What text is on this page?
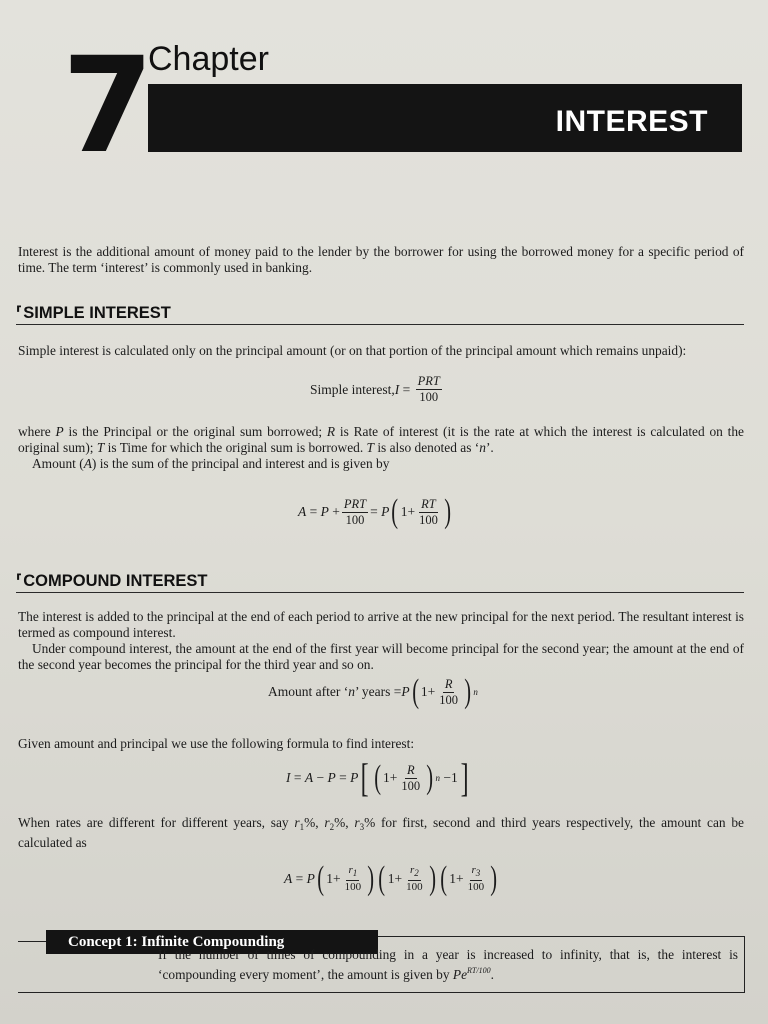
7 Chapter
INTEREST
Interest is the additional amount of money paid to the lender by the borrower for using the borrowed money for a specific period of time. The term ‘interest’ is commonly used in banking.
⸢SIMPLE INTEREST
Simple interest is calculated only on the principal amount (or on that portion of the principal amount which remains unpaid):
Simple interest, $I = \frac{\text{PRT}}{100}$
where P is the Principal or the original sum borrowed; R is Rate of interest (it is the rate at which the interest is calculated on the original sum); T is Time for which the original sum is borrowed. T is also denoted as ‘n’.
Amount (A) is the sum of the principal and interest and is given by
$A = P + \frac{\text{PRT}}{100} = P$ ( $1+ \frac{RT}{100}$ )
⸢COMPOUND INTEREST
The interest is added to the principal at the end of each period to arrive at the new principal for the next period. The resultant interest is termed as compound interest.
Under compound interest, the amount at the end of the first year will become principal for the second year; the amount at the end of the second year becomes the principal for the third year and so on.
Amount after ‘ n ’ years = P ( $1+ \frac{R}{100}$ ) n
Given amount and principal we use the following formula to find interest:
I = A − P = P [ ( $1+ \frac{R}{100}$ ) n −1 ]
When rates are different for different years, say $r_1\%$, $r_2\%$, $r_3\%$ for first, second and third years respectively, the amount can be calculated as
A = P ( $1+ \frac{r_1}{100}$ ) ( $1+ \frac{r_2}{100}$ ) ( $1+ \frac{r_3}{100}$ )
Concept 1: Infinite Compounding
If the number of times of compounding in a year is increased to infinity, that is, the interest is ‘compounding every moment’, the amount is given by $Pe^{RT/100}$.
